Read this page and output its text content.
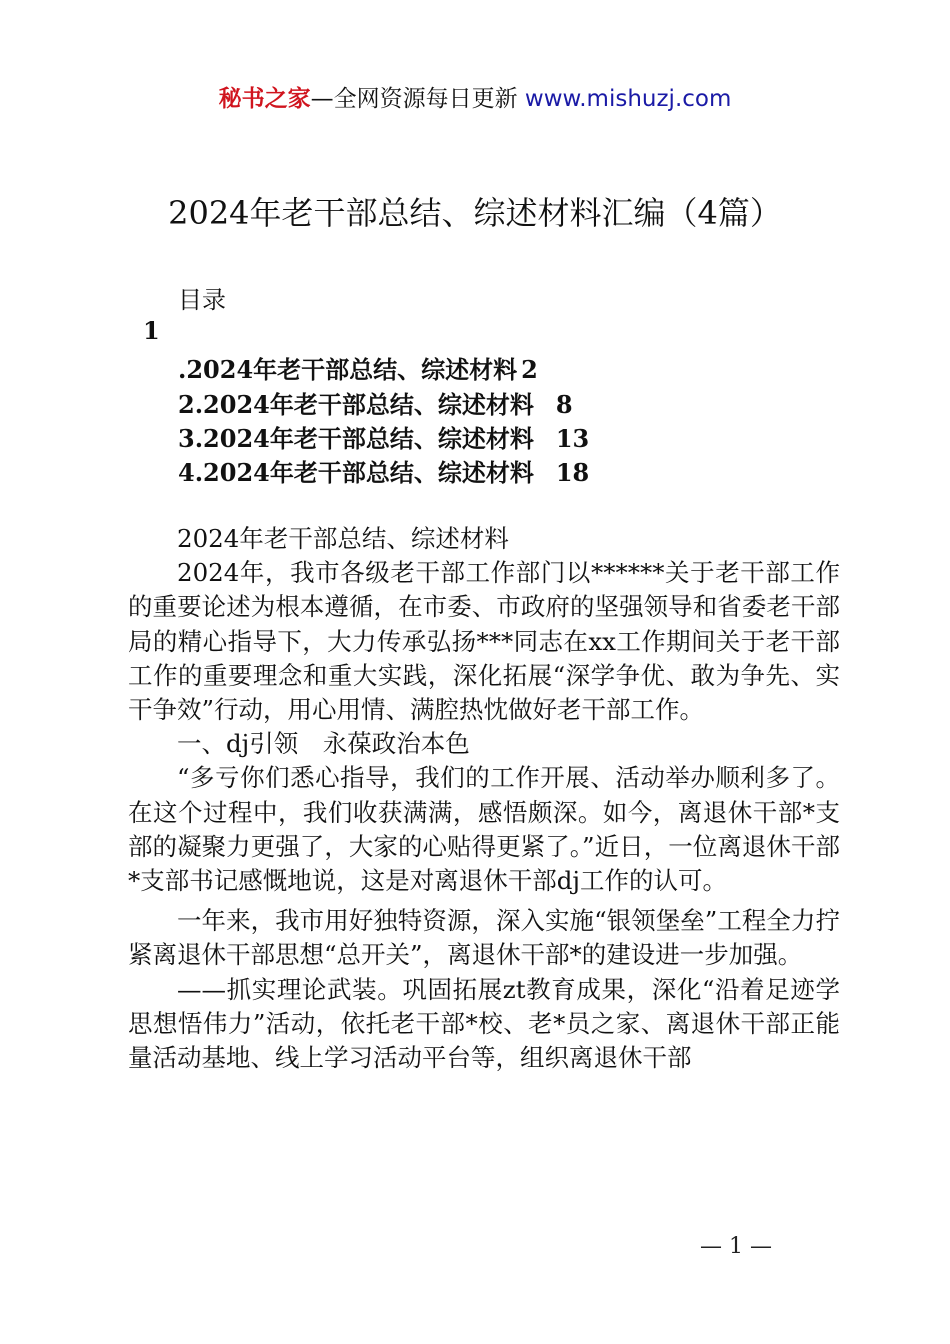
秘书之家—全网资源每日更新 www.mishuzj.com
2024年老干部总结、综述材料汇编（4篇）
目录
1
.2024年老干部总结、综述材料 2
2.2024年老干部总结、综述材料 8
3.2024年老干部总结、综述材料 13
4.2024年老干部总结、综述材料 18

2024年老干部总结、综述材料

2024年，我市各级老干部工作部门以******关于老干部工作的重要论述为根本遵循，在市委、市政府的坚强领导和省委老干部局的精心指导下，大力传承弘扬***同志在xx工作期间关于老干部工作的重要理念和重大实践，深化拓展“深学争优、敢为争先、实干争效”行动，用心用情、满腔热忱做好老干部工作。

一、dj引领　永葆政治本色

“多亏你们悉心指导，我们的工作开展、活动举办顺利多了。在这个过程中，我们收获满满，感悟颇深。如今，离退休干部*支部的凝聚力更强了，大家的心贴得更紧了。”近日，一位离退休干部*支部书记感慨地说，这是对离退休干部dj工作的认可。

一年来，我市用好独特资源，深入实施“银领堡垒”工程全力拧紧离退休干部思想“总开关”，离退休干部*的建设进一步加强。

——抓实理论武装。巩固拓展zt教育成果，深化“沿着足迹学思想悟伟力”活动，依托老干部*校、老*员之家、离退休干部正能量活动基地、线上学习活动平台等，组织离退休干部

— 1 —
